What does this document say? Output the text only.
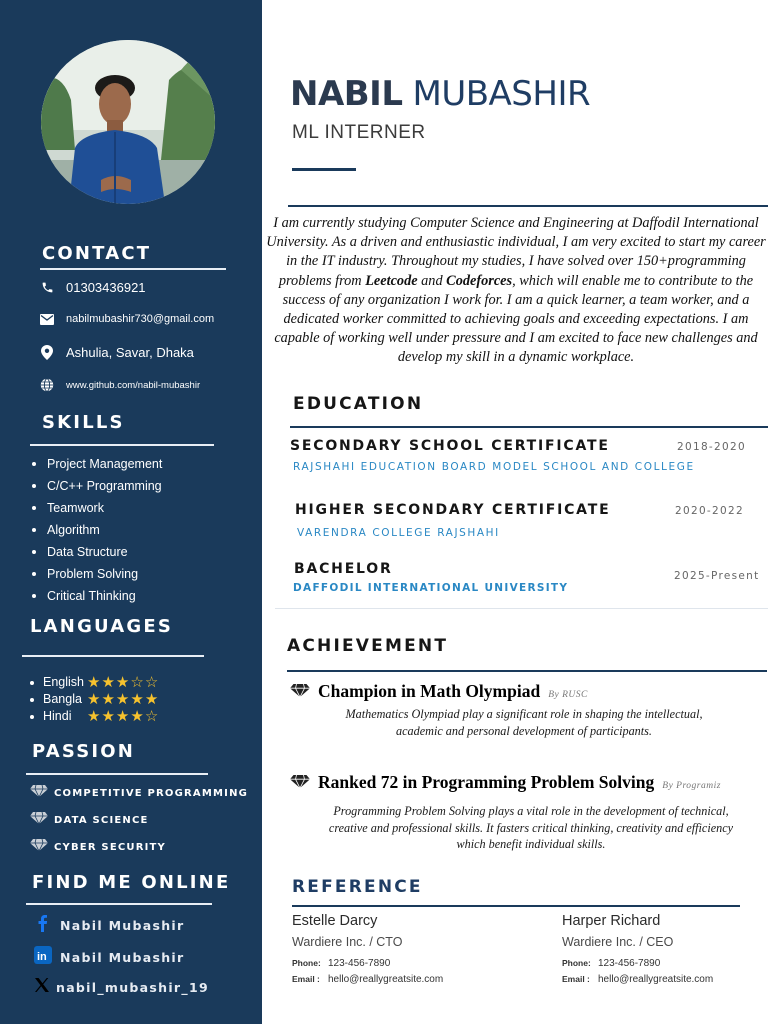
CONTACT
01303436921
nabilmubashir730@gmail.com
Ashulia, Savar, Dhaka
www.github.com/nabil-mubashir
SKILLS
Project Management
C/C++ Programming
Teamwork
Algorithm
Data Structure
Problem Solving
Critical Thinking
LANGUAGES
English ★ ★ ★ ☆ ☆
Bangla ★ ★ ★ ★ ★
Hindi	★ ★ ★ ★ ☆
PASSION
COMPETITIVE PROGRAMMING
DATA SCIENCE
CYBER SECURITY
FIND ME ONLINE
Nabil Mubashir
in Nabil Mubashir
nabil_mubashir_19
NABIL MUBASHIR
ML INTERNER

I am currently studying Computer Science and Engineering at Daffodil International University. As a driven and enthusiastic individual, I am very excited to start my career in the IT industry. Throughout my studies, I have solved over 150+programming problems from Leetcode and Codeforces, which will enable me to contribute to the success of any organization I work for. I am a quick learner, a team worker, and a dedicated worker committed to achieving goals and exceeding expectations. I am capable of working well under pressure and I am excited to face new challenges and develop my skill in a dynamic workplace.

EDUCATION
SECONDARY SCHOOL CERTIFICATE	2018-2020
RAJSHAHI EDUCATION BOARD MODEL SCHOOL AND COLLEGE
HIGHER SECONDARY CERTIFICATE	2020-2022
VARENDRA COLLEGE RAJSHAHI
BACHELOR	2025-Present
DAFFODIL INTERNATIONAL UNIVERSITY
ACHIEVEMENT
Champion in Math Olympiad By RUSC
Mathematics Olympiad play a significant role in shaping the intellectual,
academic and personal development of participants.
Ranked 72 in Programming Problem Solving By Programiz
Programming Problem Solving plays a vital role in the development of technical,
creative and professional skills. It fasters critical thinking, creativity and efficiency
which benefit individual skills.
REFERENCE
Estelle Darcy
Wardiere Inc. / CTO
Phone: 123-456-7890
Email : hello@reallygreatsite.com
Harper Richard
Wardiere Inc. / CEO
Phone: 123-456-7890
Email : hello@reallygreatsite.com
